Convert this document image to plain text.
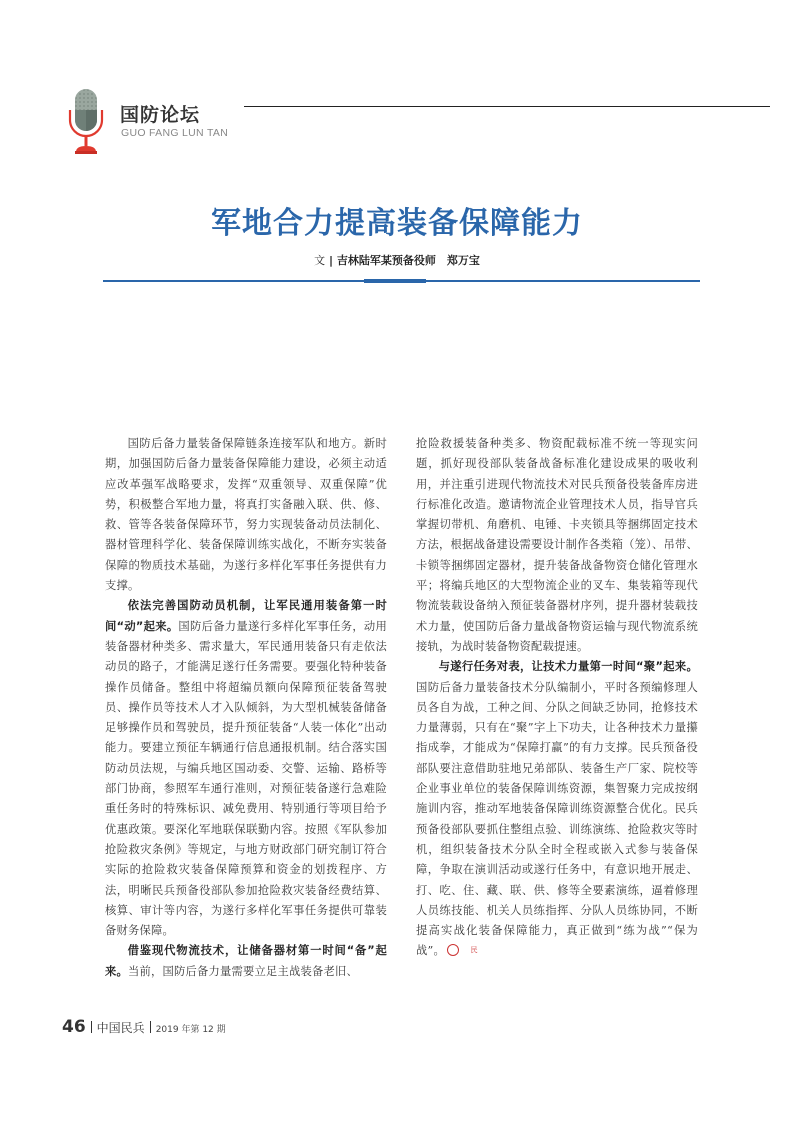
国防论坛
GUO FANG LUN TAN
军地合力提高装备保障能力
文 | 吉林陆军某预备役师　郑万宝

国防后备力量装备保障链条连接军队和地方。新时期，加强国防后备力量装备保障能力建设，必须主动适应改革强军战略要求，发挥“双重领导、双重保障”优势，积极整合军地力量，将真打实备融入联、供、修、救、管等各装备保障环节，努力实现装备动员法制化、器材管理科学化、装备保障训练实战化，不断夯实装备保障的物质技术基础，为遂行多样化军事任务提供有力支撑。

依法完善国防动员机制，让军民通用装备第一时间“动”起来。国防后备力量遂行多样化军事任务，动用装备器材种类多、需求量大，军民通用装备只有走依法动员的路子，才能满足遂行任务需要。要强化特种装备操作员储备。整组中将超编员额向保障预征装备驾驶员、操作员等技术人才入队倾斜，为大型机械装备储备足够操作员和驾驶员，提升预征装备“人装一体化”出动能力。要建立预征车辆通行信息通报机制。结合落实国防动员法规，与编兵地区国动委、交警、运输、路桥等部门协商，参照军车通行准则，对预征装备遂行急难险重任务时的特殊标识、减免费用、特别通行等项目给予优惠政策。要深化军地联保联勤内容。按照《军队参加抢险救灾条例》等规定，与地方财政部门研究制订符合实际的抢险救灾装备保障预算和资金的划拨程序、方法，明晰民兵预备役部队参加抢险救灾装备经费结算、核算、审计等内容，为遂行多样化军事任务提供可靠装备财务保障。

借鉴现代物流技术，让储备器材第一时间“备”起来。当前，国防后备力量需要立足主战装备老旧、

抢险救援装备种类多、物资配载标准不统一等现实问题，抓好现役部队装备战备标准化建设成果的吸收利用，并注重引进现代物流技术对民兵预备役装备库房进行标准化改造。邀请物流企业管理技术人员，指导官兵掌握切带机、角磨机、电锤、卡夹锁具等捆绑固定技术方法，根据战备建设需要设计制作各类箱（笼）、吊带、卡锁等捆绑固定器材，提升装备战备物资仓储化管理水平；将编兵地区的大型物流企业的叉车、集装箱等现代物流装载设备纳入预征装备器材序列，提升器材装载技术力量，使国防后备力量战备物资运输与现代物流系统接轨，为战时装备物资配载提速。

与遂行任务对表，让技术力量第一时间“聚”起来。国防后备力量装备技术分队编制小，平时各预编修理人员各自为战，工种之间、分队之间缺乏协同，抢修技术力量薄弱，只有在“聚”字上下功夫，让各种技术力量攥指成拳，才能成为“保障打赢”的有力支撑。民兵预备役部队要注意借助驻地兄弟部队、装备生产厂家、院校等企业事业单位的装备保障训练资源，集智聚力完成按纲施训内容，推动军地装备保障训练资源整合优化。民兵预备役部队要抓住整组点验、训练演练、抢险救灾等时机，组织装备技术分队全时全程或嵌入式参与装备保障，争取在演训活动或遂行任务中，有意识地开展走、打、吃、住、藏、联、供、修等全要素演练，逼着修理人员练技能、机关人员练指挥、分队人员练协同，不断提高实战化装备保障能力，真正做到“练为战”“保为战”。	民

46 中国民兵 2019 年第 12 期
